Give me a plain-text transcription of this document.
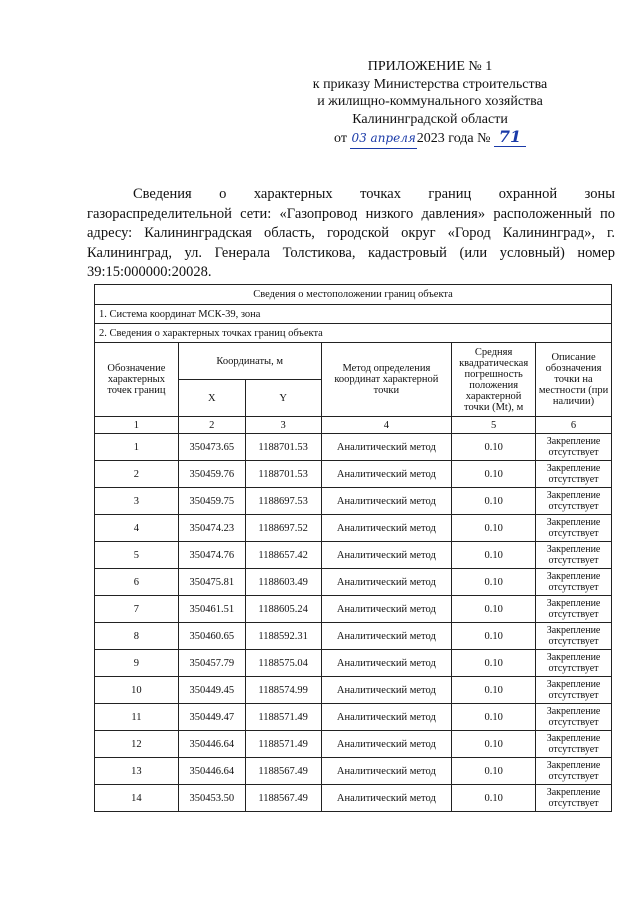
ПРИЛОЖЕНИЕ № 1
к приказу Министерства строительства
и жилищно-коммунального хозяйства
Калининградской области
от 03 апреля2023 года № 71

Сведения о характерных точках границ охранной зоны газораспределительной сети: «Газопровод низкого давления» расположенный по адресу: Калининградская область, городской округ «Город Калининград», г. Калининград, ул. Генерала Толстикова, кадастровый (или условный) номер 39:15:000000:20028.

Сведения о местоположении границ объекта					
1. Система координат МСК-39, зона					
2. Сведения о характерных точках границ объекта					
Обозначение характерных точек границ	Координаты, м		Метод определения координат характерной точки	Средняя квадратическая погрешность положения характерной точки (Mt), м	Описание обозначения точки на местности (при наличии)
	X	Y			
1	2	3	4	5	6
1	350473.65	1188701.53	Аналитический метод	0.10	Закрепление отсутствует

2	350459.76	1188701.53	Аналитический метод	0.10	Закрепление отсутствует

3	350459.75	1188697.53	Аналитический метод	0.10	Закрепление отсутствует

4	350474.23	1188697.52	Аналитический метод	0.10	Закрепление отсутствует

5	350474.76	1188657.42	Аналитический метод	0.10	Закрепление отсутствует

6	350475.81	1188603.49	Аналитический метод	0.10	Закрепление отсутствует

7	350461.51	1188605.24	Аналитический метод	0.10	Закрепление отсутствует

8	350460.65	1188592.31	Аналитический метод	0.10	Закрепление отсутствует

9	350457.79	1188575.04	Аналитический метод	0.10	Закрепление отсутствует

10	350449.45	1188574.99	Аналитический метод	0.10	Закрепление отсутствует

11	350449.47	1188571.49	Аналитический метод	0.10	Закрепление отсутствует

12	350446.64	1188571.49	Аналитический метод	0.10	Закрепление отсутствует

13	350446.64	1188567.49	Аналитический метод	0.10	Закрепление отсутствует

14	350453.50	1188567.49	Аналитический метод	0.10	Закрепление отсутствует
